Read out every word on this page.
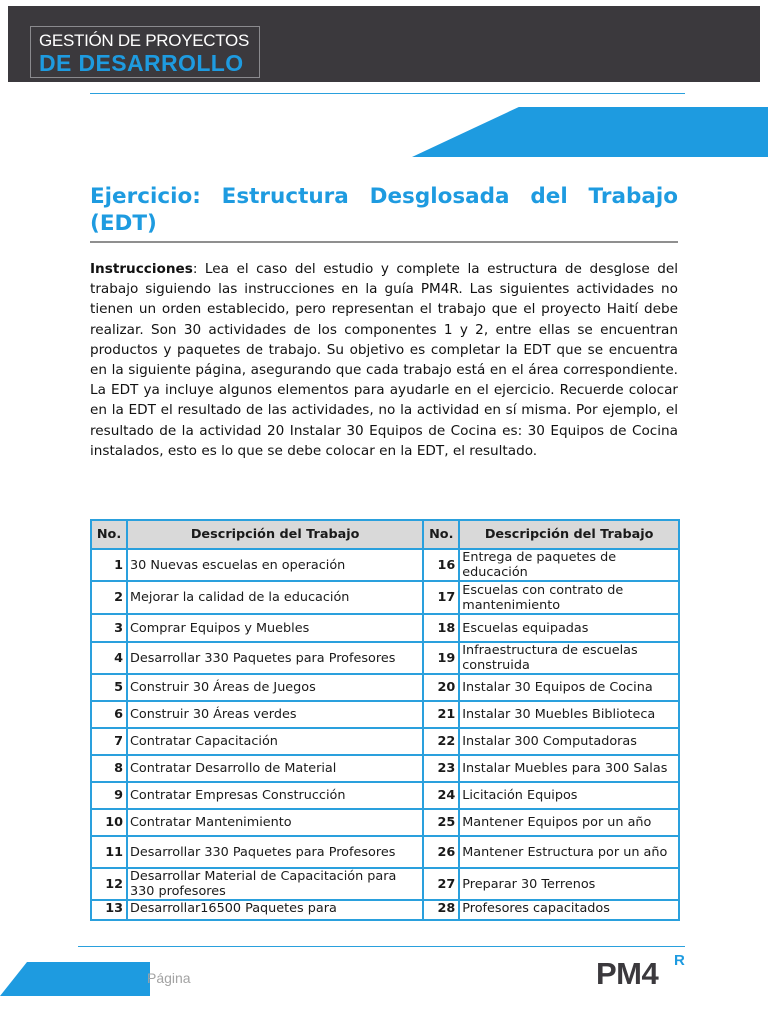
GESTIÓN DE PROYECTOS
DE DESARROLLO
Ejercicio: Estructura Desglosada del Trabajo (EDT)

Instrucciones: Lea el caso del estudio y complete la estructura de desglose del trabajo siguiendo las instrucciones en la guía PM4R. Las siguientes actividades no tienen un orden establecido, pero representan el trabajo que el proyecto Haití debe realizar. Son 30 actividades de los componentes 1 y 2, entre ellas se encuentran productos y paquetes de trabajo. Su objetivo es completar la EDT que se encuentra en la siguiente página, asegurando que cada trabajo está en el área correspondiente. La EDT ya incluye algunos elementos para ayudarle en el ejercicio. Recuerde colocar en la EDT el resultado de las actividades, no la actividad en sí misma. Por ejemplo, el resultado de la actividad 20 Instalar 30 Equipos de Cocina es: 30 Equipos de Cocina instalados, esto es lo que se debe colocar en la EDT, el resultado.

No.	Descripción del Trabajo	No.	Descripción del Trabajo
1	30 Nuevas escuelas en operación	16	Entrega de paquetes de educación
2	Mejorar la calidad de la educación	17	Escuelas con contrato de mantenimiento
3	Comprar Equipos y Muebles	18	Escuelas equipadas
4	Desarrollar 330 Paquetes para Profesores	19	Infraestructura de escuelas construida
5	Construir 30 Áreas de Juegos	20	Instalar 30 Equipos de Cocina
6	Construir 30 Áreas verdes	21	Instalar 30 Muebles Biblioteca
7	Contratar Capacitación	22	Instalar 300 Computadoras
8	Contratar Desarrollo de Material	23	Instalar Muebles para 300 Salas
9	Contratar Empresas Construcción	24	Licitación Equipos
10	Contratar Mantenimiento	25	Mantener Equipos por un año
11	Desarrollar 330 Paquetes para Profesores	26	Mantener Estructura por un año
12	Desarrollar Material de Capacitación para 330 profesores	27	Preparar 30 Terrenos
13	Desarrollar16500 Paquetes para	28	Profesores capacitados
Página	PM4 R
